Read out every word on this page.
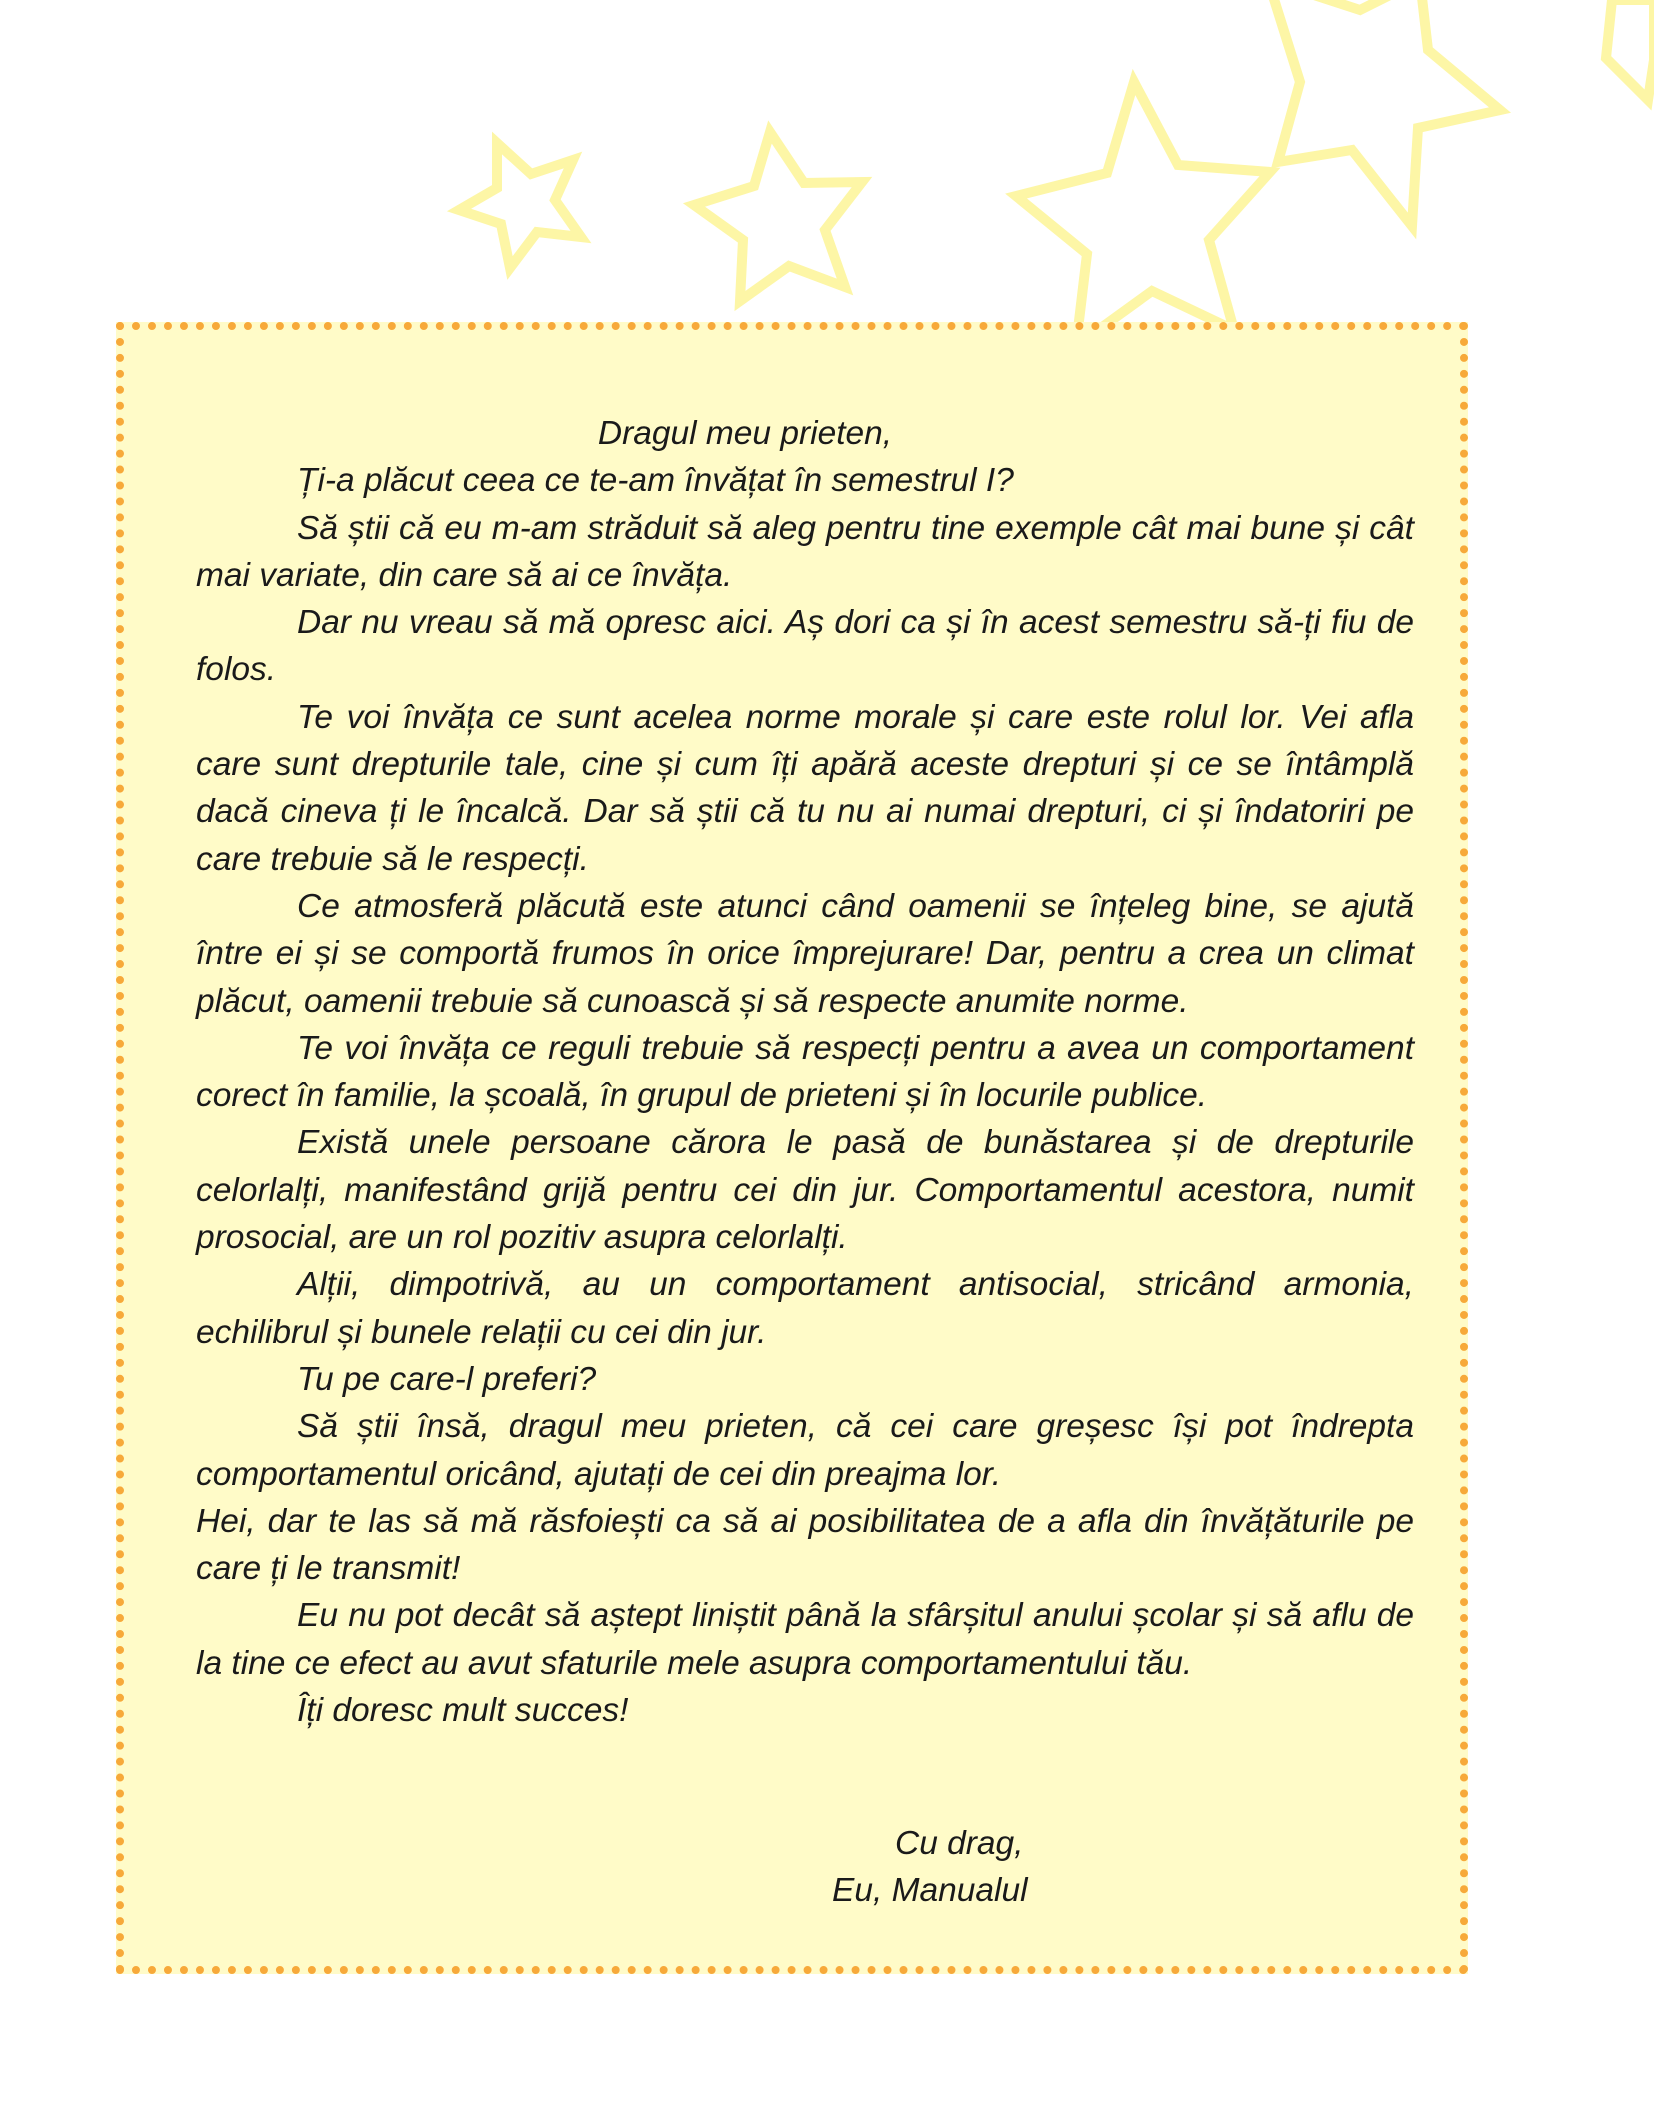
Dragul meu prieten,

Ți-a plăcut ceea ce te-am învățat în semestrul I?

Să știi că eu m-am străduit să aleg pentru tine exemple cât mai bune și cât mai variate, din care să ai ce învăța.

Dar nu vreau să mă opresc aici. Aș dori ca și în acest semestru să-ți fiu de folos.

Te voi învăța ce sunt acelea norme morale și care este rolul lor. Vei afla care sunt drepturile tale, cine și cum îți apără aceste drepturi și ce se întâmplă dacă cineva ți le încalcă. Dar să știi că tu nu ai numai drepturi, ci și îndatoriri pe care trebuie să le respecți.

Ce atmosferă plăcută este atunci când oamenii se înțeleg bine, se ajută între ei și se comportă frumos în orice împrejurare! Dar, pentru a crea un climat plăcut, oamenii trebuie să cunoască și să respecte anumite norme.

Te voi învăța ce reguli trebuie să respecți pentru a avea un comportament corect în familie, la școală, în grupul de prieteni și în locurile publice.

Există unele persoane cărora le pasă de bunăstarea și de drepturile celorlalți, manifestând grijă pentru cei din jur. Comportamentul acestora, numit prosocial, are un rol pozitiv asupra celorlalți.

Alții, dimpotrivă, au un comportament antisocial, stricând armonia, echilibrul și bunele relații cu cei din jur.

Tu pe care-l preferi?

Să știi însă, dragul meu prieten, că cei care greșesc își pot îndrepta comportamentul oricând, ajutați de cei din preajma lor.

Hei, dar te las să mă răsfoiești ca să ai posibilitatea de a afla din învățăturile pe care ți le transmit!

Eu nu pot decât să aștept liniștit până la sfârșitul anului școlar și să aflu de la tine ce efect au avut sfaturile mele asupra comportamentului tău.

Îți doresc mult succes!

Cu drag,
Eu, Manualul
